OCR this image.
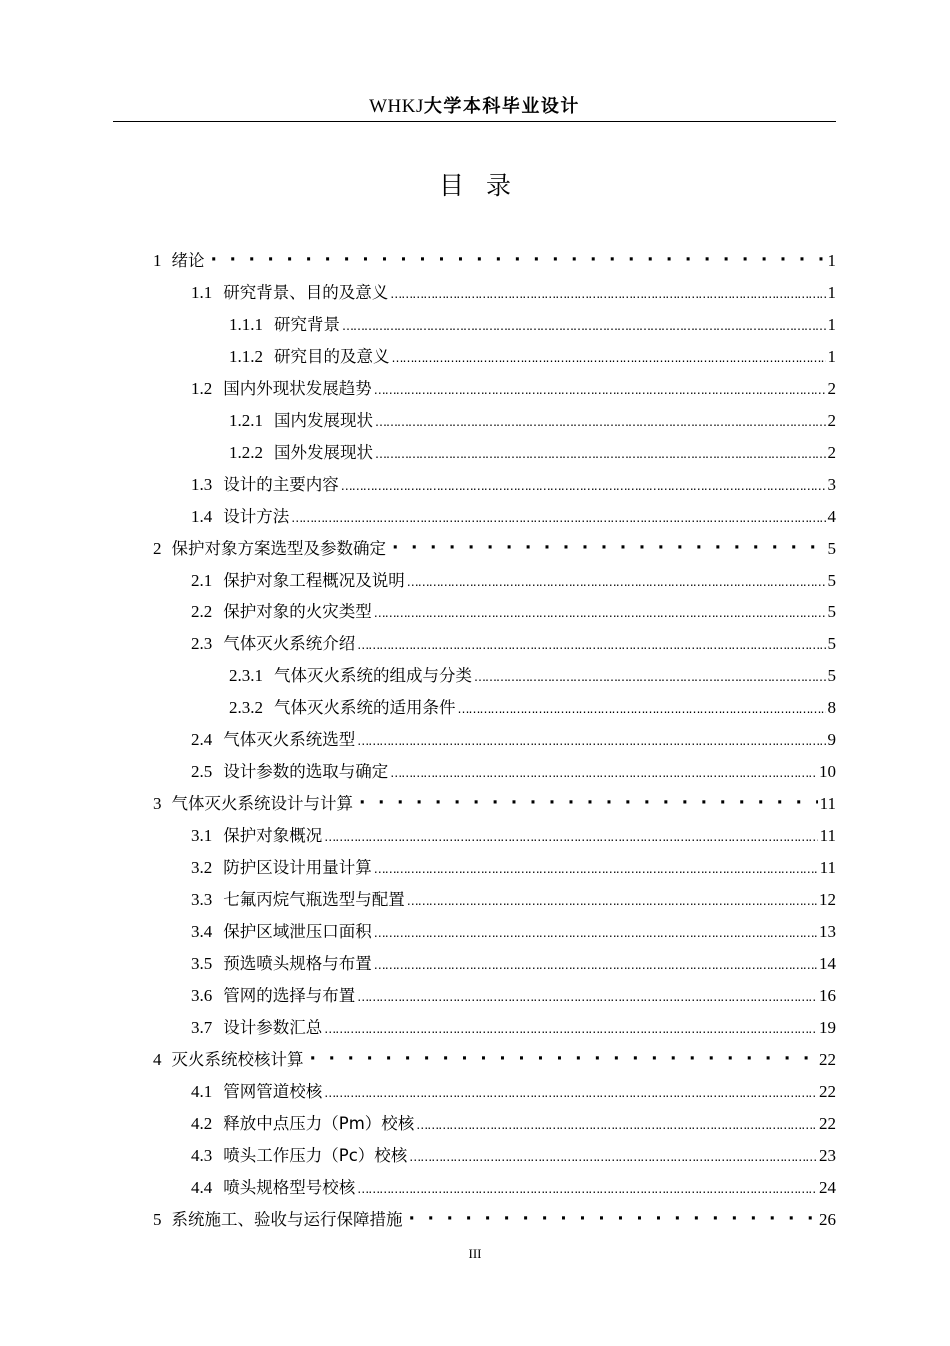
WHKJ大学本科毕业设计
目录
1 绪论 · · ·	1
1.1 研究背景、目的及意义 …………………………………………………………………………………………………………………………………………………………	1
1.1.1 研究背景 …………………………………………………………………………………………………………………………………………………………	1
1.1.2 研究目的及意义 …………………………………………………………………………………………………………………………………………………………	1
1.2 国内外现状发展趋势 …………………………………………………………………………………………………………………………………………………………	2
1.2.1 国内发展现状 …………………………………………………………………………………………………………………………………………………………	2
1.2.2 国外发展现状 …………………………………………………………………………………………………………………………………………………………	2
1.3 设计的主要内容 …………………………………………………………………………………………………………………………………………………………	3
1.4 设计方法 …………………………………………………………………………………………………………………………………………………………	4
2 保护对象方案选型及参数确定 · · ·	5
2.1 保护对象工程概况及说明 …………………………………………………………………………………………………………………………………………………………	5
2.2 保护对象的火灾类型 …………………………………………………………………………………………………………………………………………………………	5
2.3 气体灭火系统介绍 …………………………………………………………………………………………………………………………………………………………	5
2.3.1 气体灭火系统的组成与分类 …………………………………………………………………………………………………………………………………………………………	5
2.3.2 气体灭火系统的适用条件 …………………………………………………………………………………………………………………………………………………………	8
2.4 气体灭火系统选型 …………………………………………………………………………………………………………………………………………………………	9
2.5 设计参数的选取与确定 …………………………………………………………………………………………………………………………………………………………	10
3 气体灭火系统设计与计算 · · ·	11
3.1 保护对象概况 …………………………………………………………………………………………………………………………………………………………	11
3.2 防护区设计用量计算 …………………………………………………………………………………………………………………………………………………………	11
3.3 七氟丙烷气瓶选型与配置 …………………………………………………………………………………………………………………………………………………………	12
3.4 保护区域泄压口面积 …………………………………………………………………………………………………………………………………………………………	13
3.5 预选喷头规格与布置 …………………………………………………………………………………………………………………………………………………………	14
3.6 管网的选择与布置 …………………………………………………………………………………………………………………………………………………………	16
3.7 设计参数汇总 …………………………………………………………………………………………………………………………………………………………	19
4 灭火系统校核计算 · · ·	22
4.1 管网管道校核 …………………………………………………………………………………………………………………………………………………………	22
4.2 释放中点压力（Pm）校核 …………………………………………………………………………………………………………………………………………………………	22
4.3 喷头工作压力（Pc）校核 …………………………………………………………………………………………………………………………………………………………	23
4.4 喷头规格型号校核 …………………………………………………………………………………………………………………………………………………………	24
5 系统施工、验收与运行保障措施 · · ·	26
III
